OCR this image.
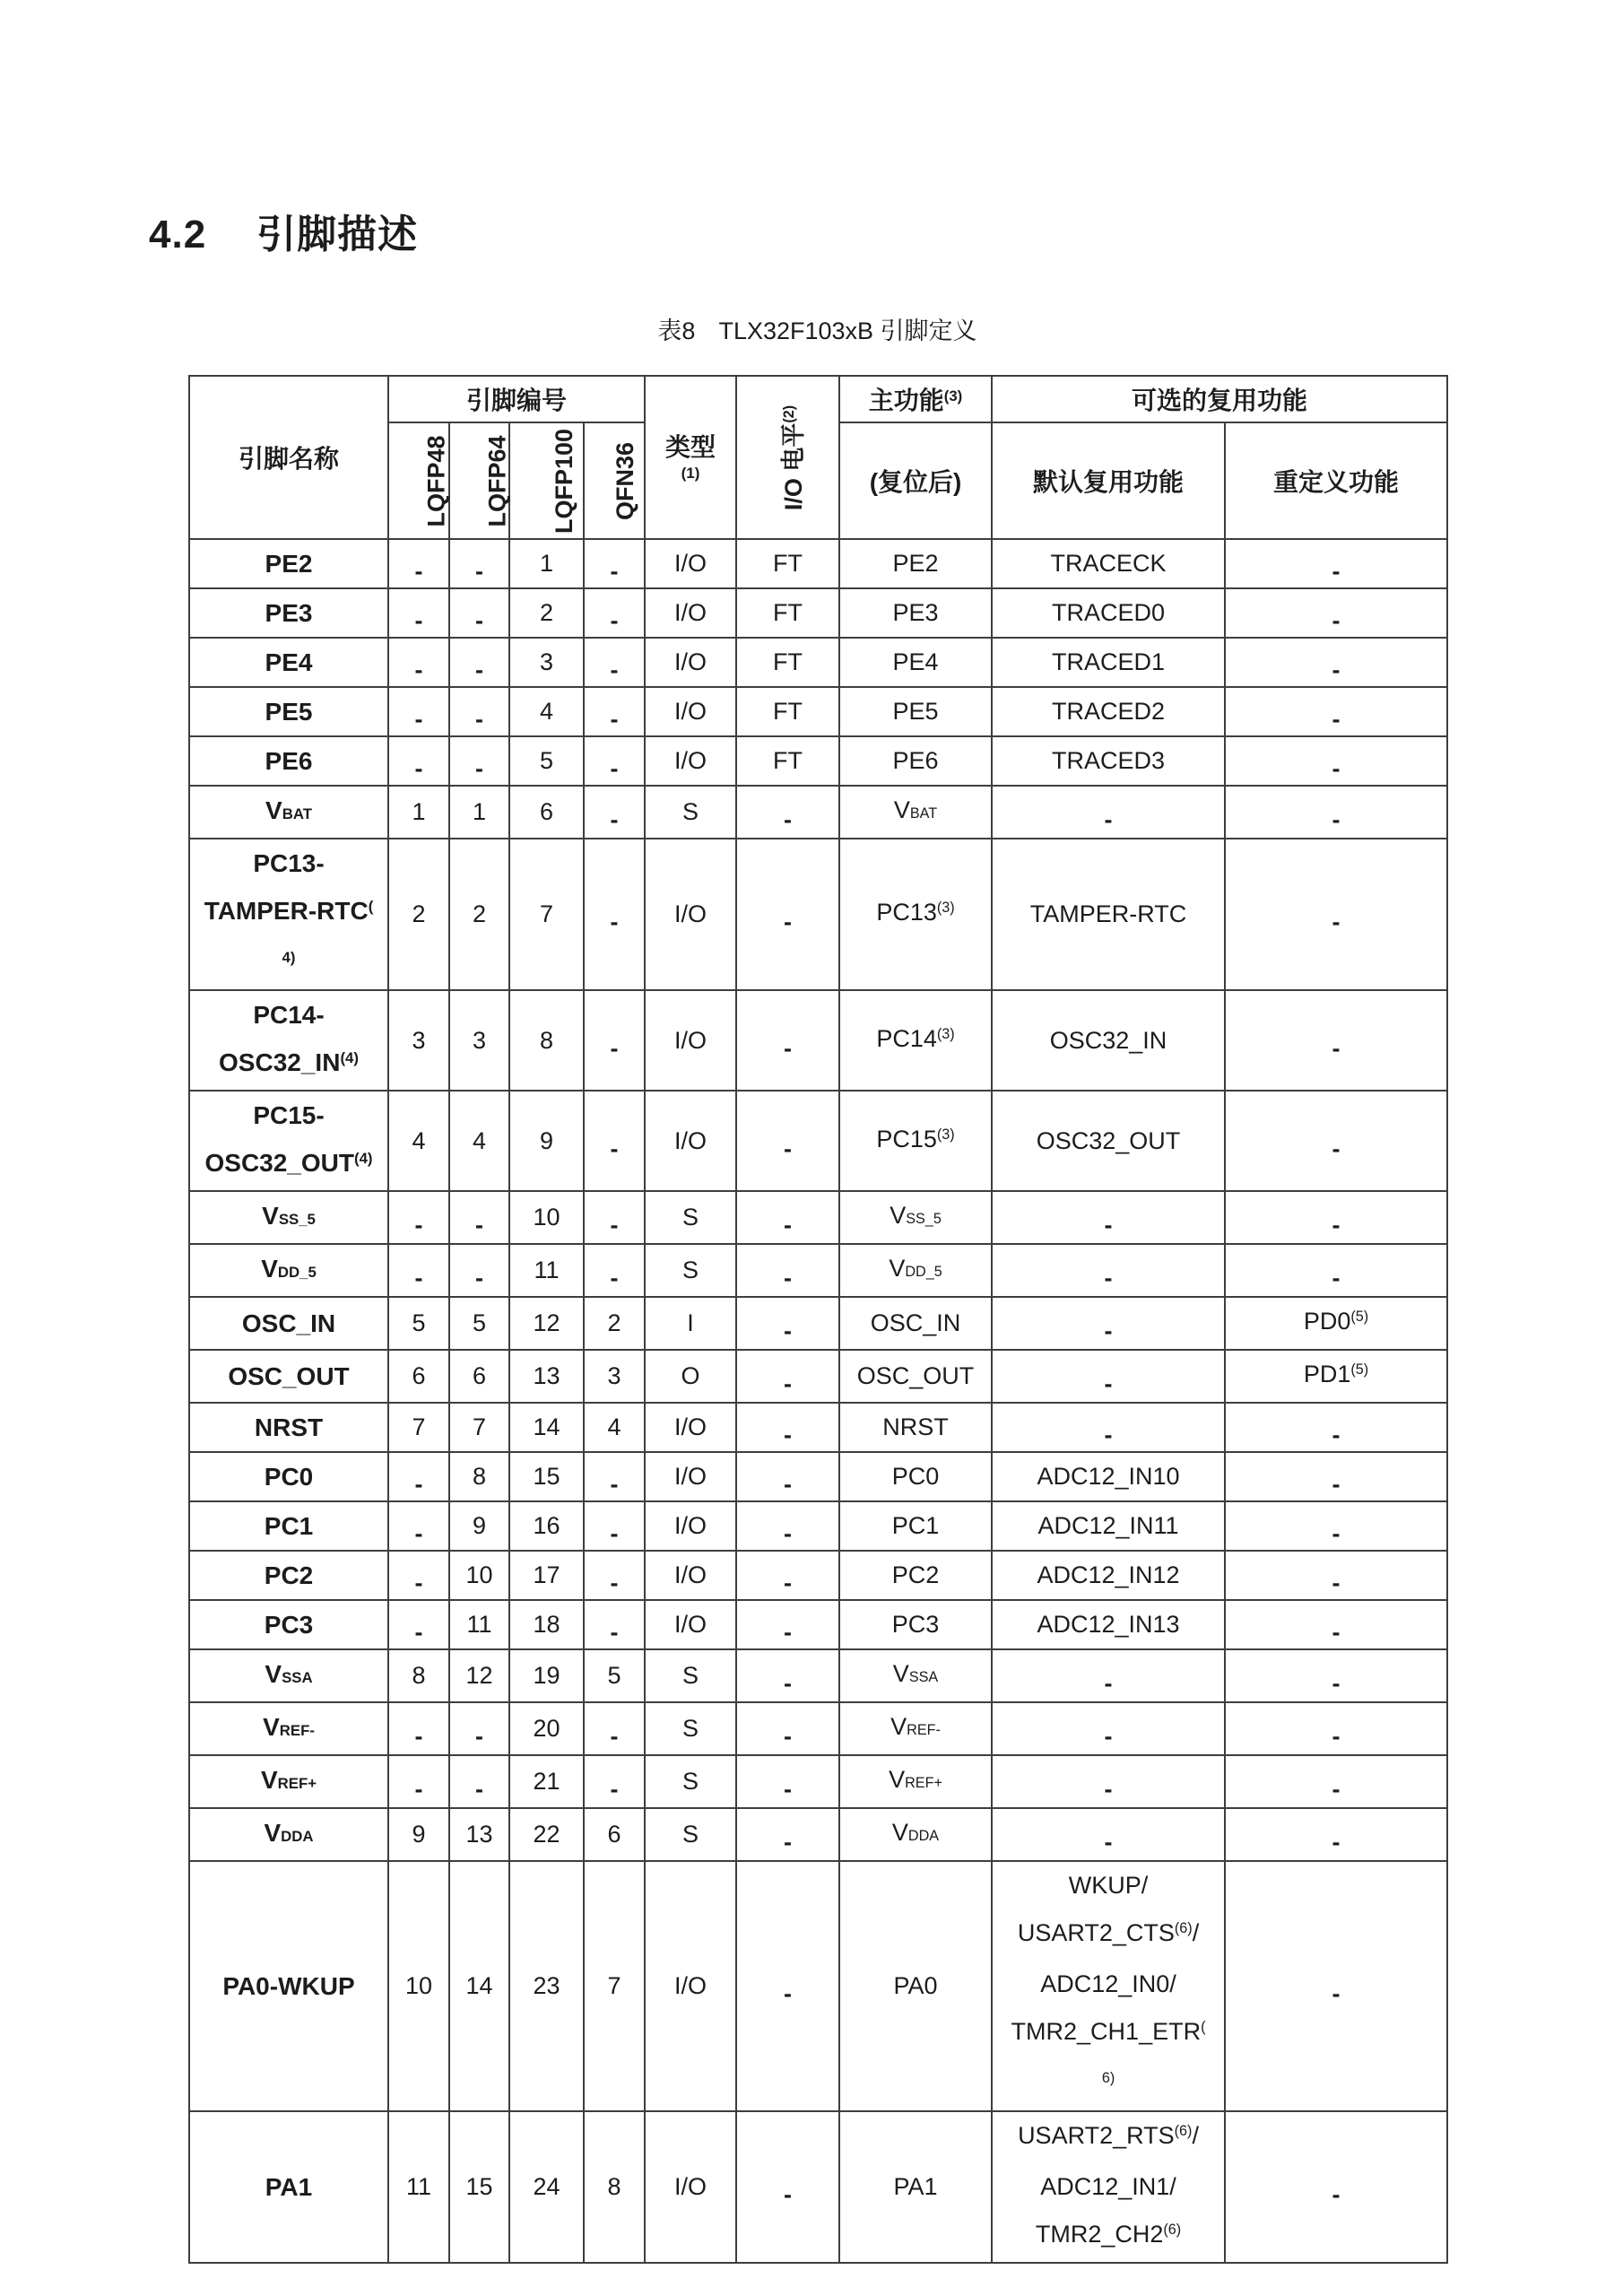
4.2 引脚描述
表8 TLX32F103xB 引脚定义
引脚名称	引脚编号				类型
(1)	I/O 电平$^{(2)}$	主功能$^{(3)}$	可选的复用功能	
	LQFP48	LQFP64	LQFP100	QFN36			(复位后)	默认复用功能	重定义功能
PE2	-	-	1	-	I/O	FT	PE2	TRACECK	-
PE3	-	-	2	-	I/O	FT	PE3	TRACED0	-
PE4	-	-	3	-	I/O	FT	PE4	TRACED1	-
PE5	-	-	4	-	I/O	FT	PE5	TRACED2	-
PE6	-	-	5	-	I/O	FT	PE6	TRACED3	-
VBAT	1	1	6	-	S	-	VBAT	-	-

PC13-
TAMPER-RTC(
$^{4)}$	2	2	7	-	I/O	-	PC13$^{(3)}$	TAMPER-RTC	-

PC14-
OSC32_IN$^{(4)}$	3	3	8	-	I/O	-	PC14$^{(3)}$	OSC32_IN	-

PC15-
OSC32_OUT$^{(4)}$	4	4	9	-	I/O	-	PC15$^{(3)}$	OSC32_OUT	-
VSS_5	-	-	10	-	S	-	VSS_5	-	-
VDD_5	-	-	11	-	S	-	VDD_5	-	-
OSC_IN	5	5	12	2	I	-	OSC_IN	-	PD0$^{(5)}$
OSC_OUT	6	6	13	3	O	-	OSC_OUT	-	PD1$^{(5)}$
NRST	7	7	14	4	I/O	-	NRST	-	-
PC0	-	8	15	-	I/O	-	PC0	ADC12_IN10	-
PC1	-	9	16	-	I/O	-	PC1	ADC12_IN11	-
PC2	-	10	17	-	I/O	-	PC2	ADC12_IN12	-
PC3	-	11	18	-	I/O	-	PC3	ADC12_IN13	-
VSSA	8	12	19	5	S	-	VSSA	-	-
VREF-	-	-	20	-	S	-	VREF-	-	-
VREF+	-	-	21	-	S	-	VREF+	-	-
VDDA	9	13	22	6	S	-	VDDA	-	-
PA0-WKUP	10	14	23	7	I/O	-	PA0	WKUP/
USART2_CTS$^{(6)}$/
ADC12_IN0/
TMR2_CH1_ETR(
$^{6)}$	-
PA1	11	15	24	8	I/O	-	PA1	USART2_RTS$^{(6)}$/
ADC12_IN1/
TMR2_CH2$^{(6)}$	-
